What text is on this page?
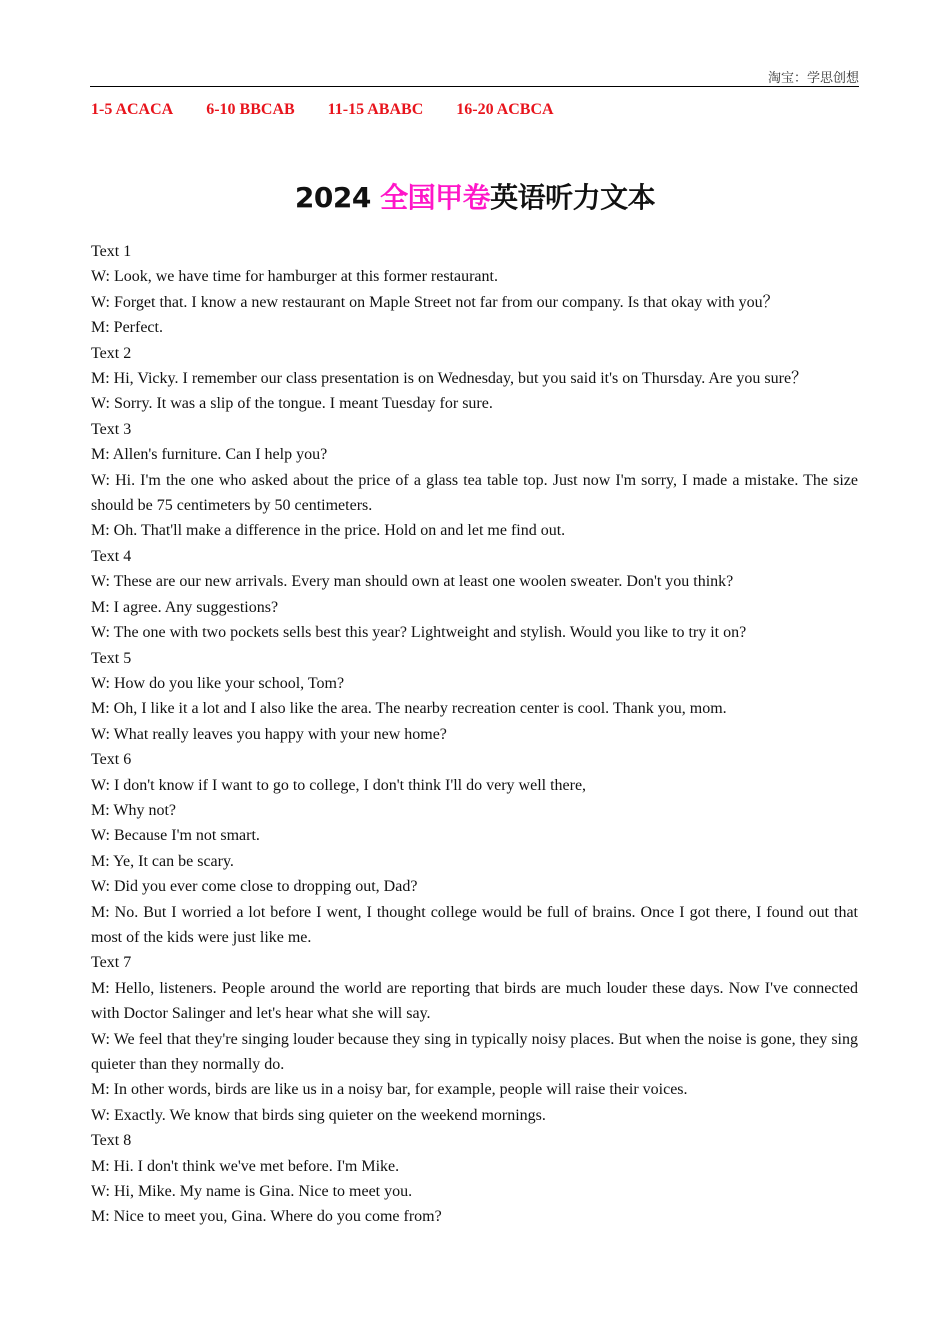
淘宝：学思创想
1-5 ACACA 6-10 BBCAB 11-15 ABABC 16-20 ACBCA
2024 全国甲卷英语听力文本

Text 1

W: Look, we have time for hamburger at this former restaurant.

W: Forget that. I know a new restaurant on Maple Street not far from our company. Is that okay with you？

M: Perfect.

Text 2

M: Hi, Vicky. I remember our class presentation is on Wednesday, but you said it's on Thursday. Are you sure？

W: Sorry. It was a slip of the tongue. I meant Tuesday for sure.

Text 3

M: Allen's furniture. Can I help you?

W: Hi. I'm the one who asked about the price of a glass tea table top. Just now I'm sorry, I made a mistake. The size should be 75 centimeters by 50 centimeters.

M: Oh. That'll make a difference in the price. Hold on and let me find out.

Text 4

W: These are our new arrivals. Every man should own at least one woolen sweater. Don't you think?

M: I agree. Any suggestions?

W: The one with two pockets sells best this year? Lightweight and stylish. Would you like to try it on?

Text 5

W: How do you like your school, Tom?

M: Oh, I like it a lot and I also like the area. The nearby recreation center is cool. Thank you, mom.

W: What really leaves you happy with your new home?

Text 6

W: I don't know if I want to go to college, I don't think I'll do very well there,

M: Why not?

W: Because I'm not smart.

M: Ye, It can be scary.

W: Did you ever come close to dropping out, Dad?

M: No. But I worried a lot before I went, I thought college would be full of brains. Once I got there, I found out that most of the kids were just like me.

Text 7

M: Hello, listeners. People around the world are reporting that birds are much louder these days. Now I've connected with Doctor Salinger and let's hear what she will say.

W: We feel that they're singing louder because they sing in typically noisy places. But when the noise is gone, they sing quieter than they normally do.

M: In other words, birds are like us in a noisy bar, for example, people will raise their voices.

W: Exactly. We know that birds sing quieter on the weekend mornings.

Text 8

M: Hi. I don't think we've met before. I'm Mike.

W: Hi, Mike. My name is Gina. Nice to meet you.

M: Nice to meet you, Gina. Where do you come from?
